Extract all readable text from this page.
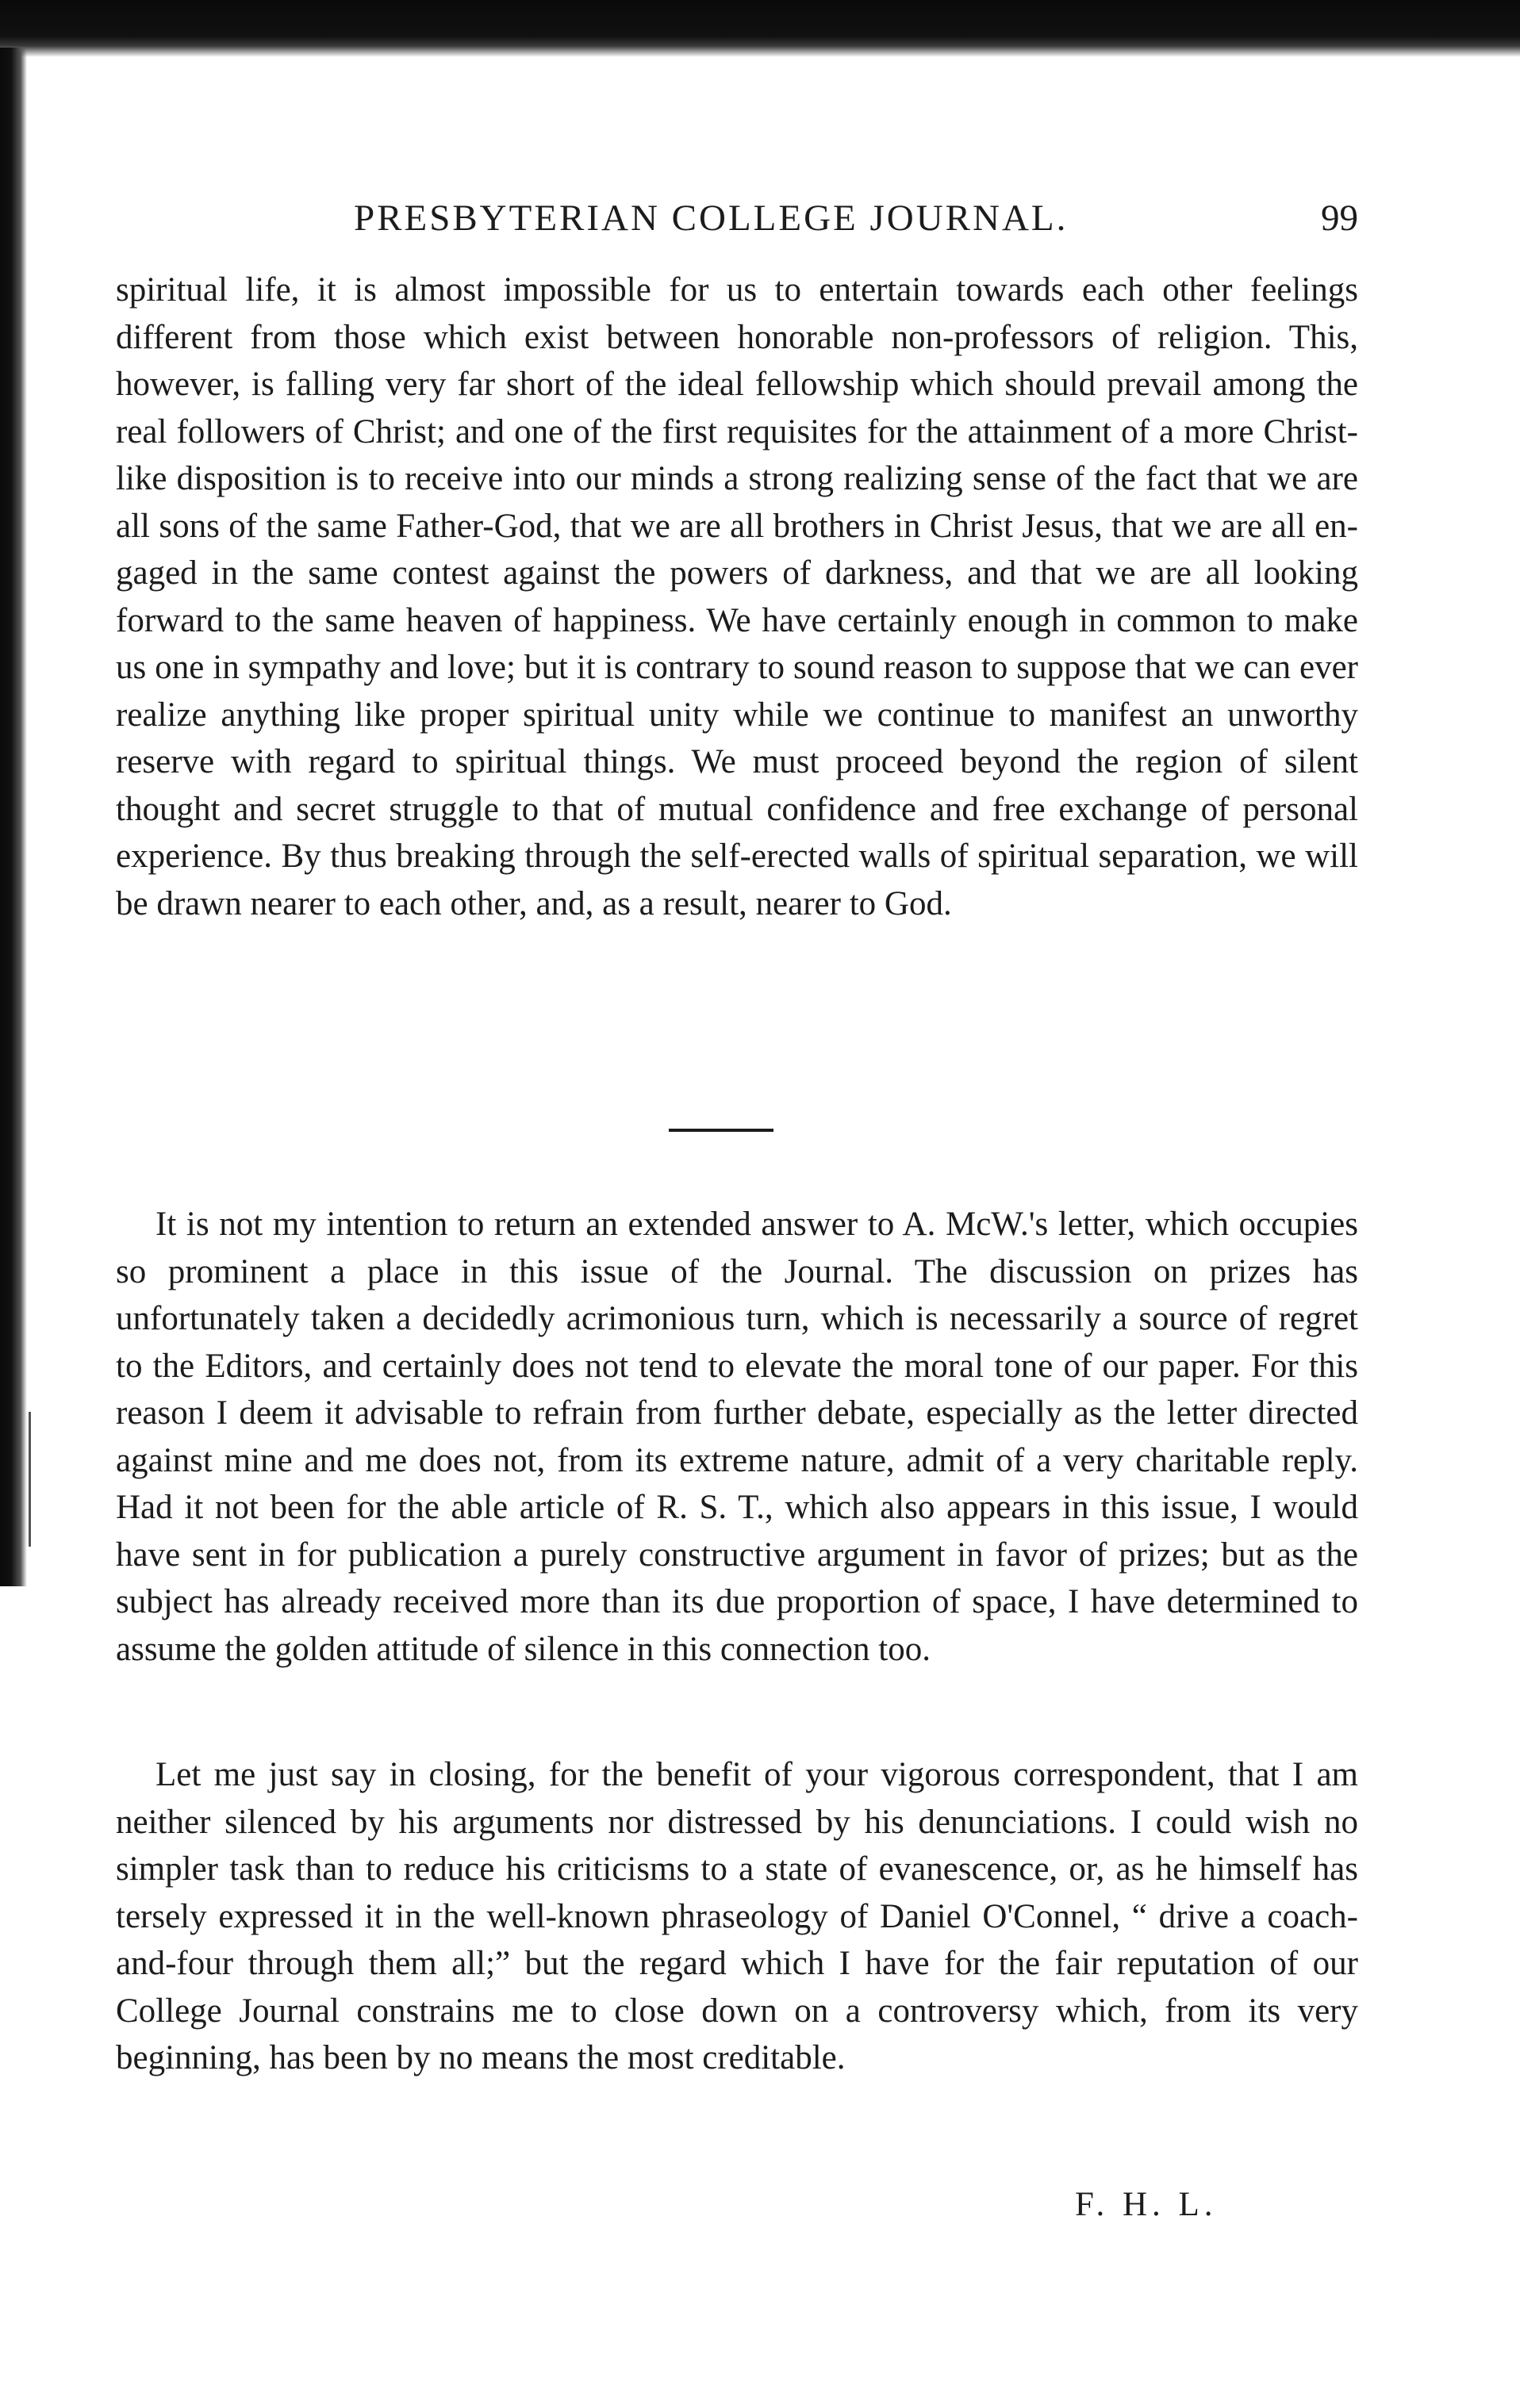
PRESBYTERIAN COLLEGE JOURNAL.	99

spiritual life, it is almost impossible for us to entertain towards each other feelings different from those which exist between honorable non-professors of religion. This, however, is falling very far short of the ideal fellowship which should prevail among the real followers of Christ; and one of the first requisites for the attainment of a more Christ-like disposition is to receive into our minds a strong realizing sense of the fact that we are all sons of the same Father-God, that we are all brothers in Christ Jesus, that we are all engaged in the same contest against the powers of darkness, and that we are all looking forward to the same heaven of happiness. We have certainly enough in common to make us one in sympathy and love; but it is contrary to sound reason to suppose that we can ever realize anything like proper spiritual unity while we continue to manifest an unworthy reserve with regard to spiritual things. We must proceed beyond the region of silent thought and secret struggle to that of mutual confidence and free exchange of personal experience. By thus breaking through the self-erected walls of spiritual separation, we will be drawn nearer to each other, and, as a result, nearer to God.

It is not my intention to return an extended answer to A. McW.'s letter, which occupies so prominent a place in this issue of the Journal. The discussion on prizes has unfortunately taken a decidedly acrimonious turn, which is necessarily a source of regret to the Editors, and certainly does not tend to elevate the moral tone of our paper. For this reason I deem it advisable to refrain from further debate, especially as the letter directed against mine and me does not, from its extreme nature, admit of a very charitable reply. Had it not been for the able article of R. S. T., which also appears in this issue, I would have sent in for publication a purely constructive argument in favor of prizes; but as the subject has already received more than its due proportion of space, I have determined to assume the golden attitude of silence in this connection too.

Let me just say in closing, for the benefit of your vigorous correspondent, that I am neither silenced by his arguments nor distressed by his denunciations. I could wish no simpler task than to reduce his criticisms to a state of evanescence, or, as he himself has tersely expressed it in the well-known phraseology of Daniel O'Connel, “ drive a coach-and-four through them all;” but the regard which I have for the fair reputation of our College Journal constrains me to close down on a controversy which, from its very beginning, has been by no means the most creditable.

F. H. L.
